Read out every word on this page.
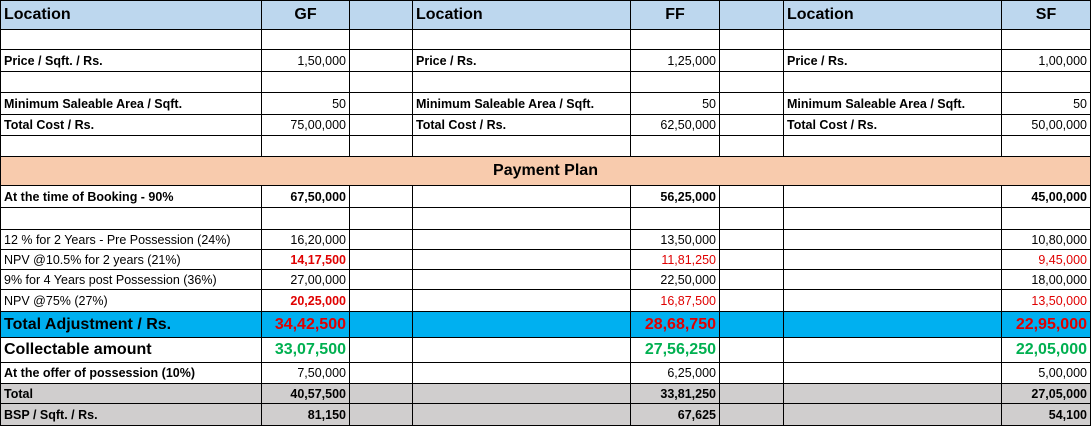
Location	GF	Location	FF	Location	SF
Price / Sqft. / Rs.	1,50,000	Price / Rs.	1,25,000	Price / Rs.	1,00,000
Minimum Saleable Area / Sqft.	50	Minimum Saleable Area / Sqft.	50	Minimum Saleable Area / Sqft.	50
Total Cost / Rs.	75,00,000	Total Cost / Rs.	62,50,000	Total Cost / Rs.	50,00,000
Payment Plan
At the time of Booking - 90%	67,50,000	56,25,000	45,00,000
12 % for 2 Years - Pre Possession (24%)	16,20,000	13,50,000	10,80,000
NPV @10.5% for 2 years (21%)	14,17,500	11,81,250	9,45,000
9% for 4 Years post Possession (36%)	27,00,000	22,50,000	18,00,000
NPV @75% (27%)	20,25,000	16,87,500	13,50,000
Total Adjustment / Rs.	34,42,500	28,68,750	22,95,000
Collectable amount	33,07,500	27,56,250	22,05,000
At the offer of possession (10%)	7,50,000	6,25,000	5,00,000
Total	40,57,500	33,81,250	27,05,000
BSP / Sqft. / Rs.	81,150	67,625	54,100
